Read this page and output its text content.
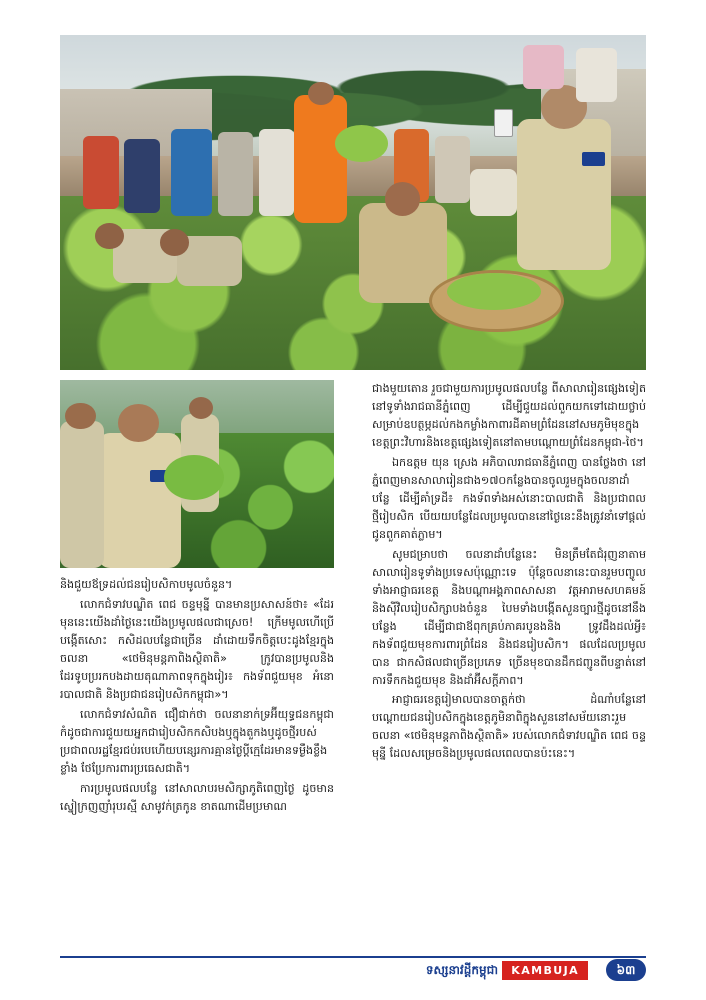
និងជួយឪទ្រដល់ជនរៀបសិកាបមូលចំនួន។

លោកជំទាវបណ្ឌិត ពេជ ចន្ទមុន្នី បានមានប្រសាសន៍ថា៖ «ដែរមុននេះយើងដាំថ្ងៃនេះយើងប្រមូលផលជាស្រេច! ក្រើមមូលហើប្រើបង្កើតសោះ កសិដលបន្លែជាច្រើន ដាំដោយទឹកចិត្តបេះដូងខ្មែរក្នុងចលនា «ថេមិនុមន្តភាពិងស្ថិតាតិ» ក្រូវបានប្រមូលនិងដែរទូបប្ររកបងដាយតុណាភាពទុកក្នុងរៀរ៖ កងទ័ពជួយមុខ អំនោរបាលជាតិ និងប្រជាជនរៀបសិកកម្ពុជា»។

លោកជំទាវសំណិត ជឿជាក់ថា ចលនានាក់ទ្រអ៊ីយុទ្ធជនកម្ពុជា កំដូចជាការជួយយអ្នកជារៀបសិកកសិបងឬក្នុងតួកងឬដូចថ្មីរបស់ប្រជាពលរដ្ឋខ្មែរជប់របេហើយបន្សេរការគ្មានថ្ងៃប្តីក្មេដែរមានទម្ងឺងខ្លឹងខ្លាំង ថែប្រែការពារប្រធេសជាតិ។

ការប្រមូលផលបន្លែ នៅសាលាបរមសិក្សាភូតិពេញថ្ងៃ ដូចមានស្នៀក្រញញាំរុបរស្មី សាមូវក់ត្រកូន ខាតណាដើមប្រមាណ

ជាងមួយតោន រួចជាមួយការប្រមូលផលបន្លែ ពីសាលារៀនផ្សេងទៀតនៅទូទាំងរាជធានីភ្នំពេញ ដើម្បីជួយដល់ពួកយកទៅដោយថ្លាប់សម្រាប់ឧបត្ថម្ភដល់កងកម្លាំងកាពារដីគាមព្រំដែននៅសមភូមិមុខក្នុងខេត្តព្រះវិហារនិងខេត្តផ្សេងទៀតនៅតាមបណ្ដោយព្រំដែនកម្ពុជា-ថៃ។

ឯកឧត្តម យុន ស្រេង អភិបាលរាជធានីភ្នំពេញ បានថ្លែងថា នៅភ្នំពេញមានសាលារៀនជាង១៧០កន្លែងបានចូលរួមក្នុងចលនាដាំបន្លែ ដើម្បីគាំទ្រដី៖ កងទ័ពទាំងអស់នោះបាលជាតិ និងប្រជាពលថ្មីរៀបសិក បើយយបន្លែដែលប្រមូលបាននៅថ្ងៃនេះនឹងត្រូវនាំទៅផ្ដល់ជូនពួកគាត់ភ្លាម។

សូមជម្រាបថា ចលនាដាំបន្លែនេះ មិនត្រឹមតែជំរុញនាតាមសាលារៀនទូទាំងប្រទេសប៉ុណ្ណោះទេ ប៉ុន្តែចលនានេះបានរួមបញ្ចូលទាំងអាជ្ញាធរខេត្ត និងបណ្ដាអង្គភាពសាសនា វត្តអារាមសហគមន៍ និងស៊ីវិលរៀបសិក្សាបងចំនួន បៃមទាំងបង្កើតសួនច្បារថ្មីដូចនៅនឹងបន្លែង ដើម្បីជាជាឪពុកគ្រប់ភាគរបូនងនិង ទ្រូវដឹងដល់អ្វី៖ កងទ័ពជួយមុខការពារព្រំដែន និងជនរៀបសិក។ ផលដែលប្រមូលបាន ជាកសិផលជាច្រើនប្រភេទ ច្រើនមុខបានដឹកជញ្ជូនពីបន្ទាត់នៅការទឹកកងជួយមុខ និងដាំអ៊ីសក្តីភាព។

អាជ្ញាធរខេត្តរៀមាលបានចាត្តក់ថា ដំណាំបន្លែនៅបណ្ដោយជនរៀបសិកក្នុងខេត្តភូមិនាពិក្នុងសួននៅសម័យនោះរួមចលនា «ថេមិនុមន្តភាពិងស្ថិតាតិ» របស់លោកជំទាវបណ្ឌិត ពេជ ចន្ទមុន្នី ដែលសម្រេចនិងប្រមូលផលពេលបានប៉ះនេះ។

ទស្សនាវដ្ដីកម្ពុជា	KAMBUJA	៦៣
